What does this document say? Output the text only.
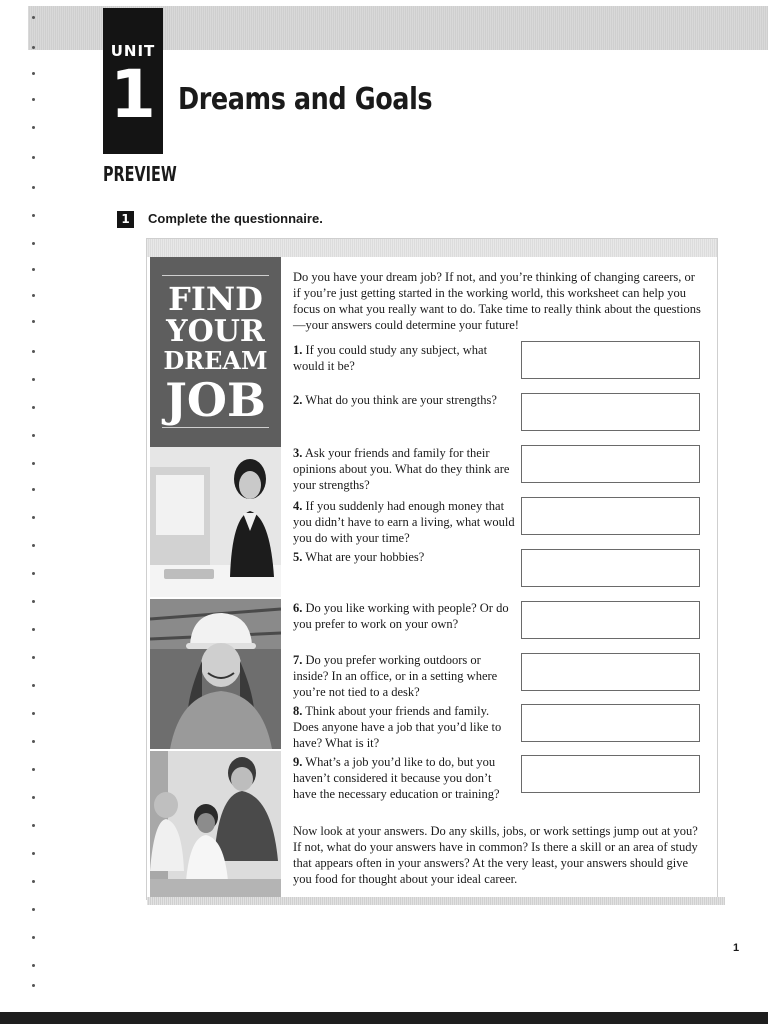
UNIT
1 Dreams and Goals
PREVIEW
1	Complete the questionnaire.
FIND
YOUR
DREAM
JOB
Do you have your dream job? If not, and you’re thinking of changing careers, or if you’re just getting started in the working world, this worksheet can help you focus on what you really want to do. Take time to really think about the questions—your answers could determine your future!
1. If you could study any subject, what would it be?
2. What do you think are your strengths?
3. Ask your friends and family for their opinions about you. What do they think are your strengths?
4. If you suddenly had enough money that you didn’t have to earn a living, what would you do with your time?
5. What are your hobbies?
6. Do you like working with people? Or do you prefer to work on your own?
7. Do you prefer working outdoors or inside? In an office, or in a setting where you’re not tied to a desk?
8. Think about your friends and family. Does anyone have a job that you’d like to have? What is it?
9. What’s a job you’d like to do, but you haven’t considered it because you don’t have the necessary education or training?
Now look at your answers. Do any skills, jobs, or work settings jump out at you? If not, what do your answers have in common? Is there a skill or an area of study that appears often in your answers? At the very least, your answers should give you food for thought about your ideal career.
1
